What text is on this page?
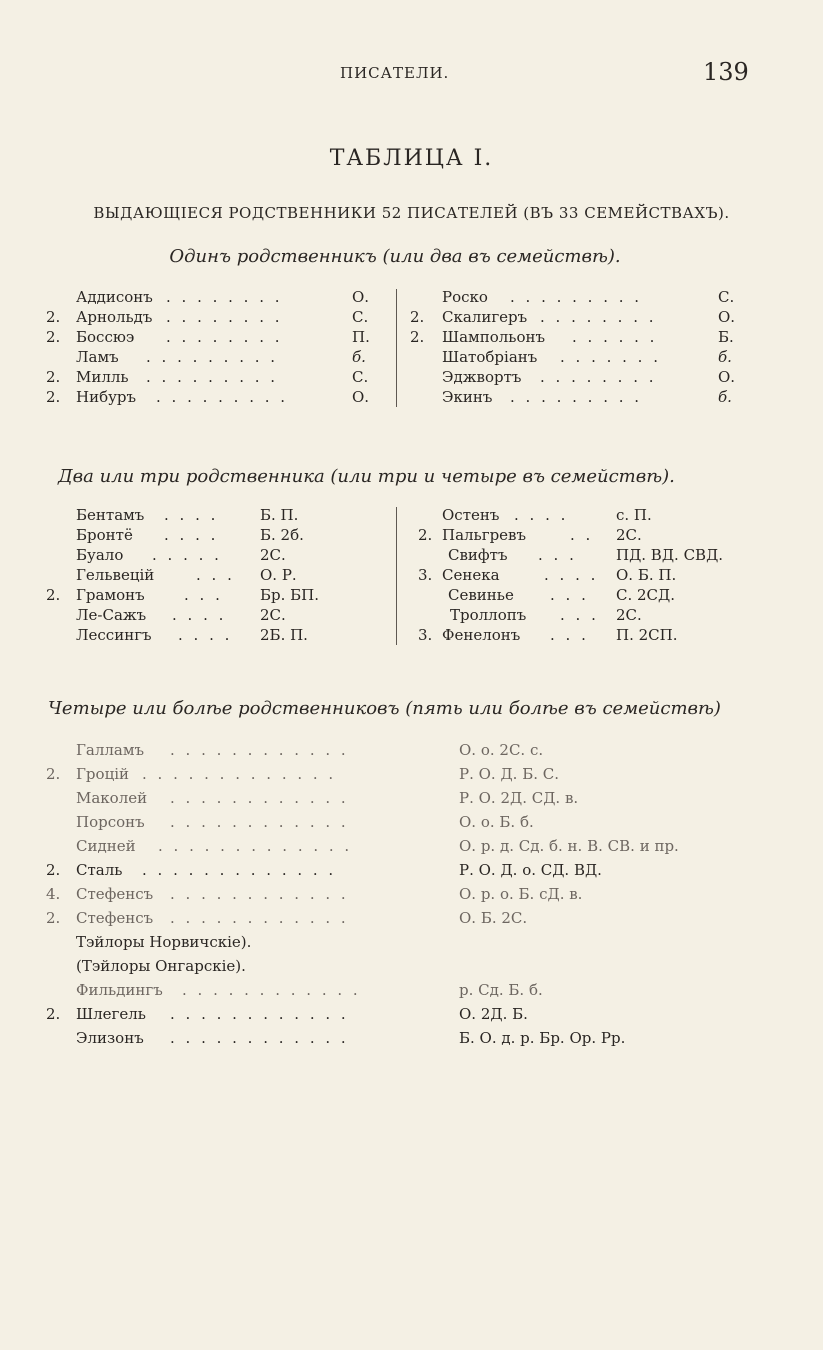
ПИСАТЕЛИ.	139
ТАБЛИЦА I.
ВЫДАЮЩІЕСЯ РОДСТВЕННИКИ 52 ПИСАТЕЛЕЙ (ВЪ 33 СЕМЕЙСТВАХЪ).
Одинъ родственникъ (или два въ семействѣ).
Аддисонъ . . . . . . . .	О.
2. Арнольдъ . . . . . . . .	С.
2. Боссюэ . . . . . . . .	П.
Ламъ . . . . . . . . .	б.
2. Милль . . . . . . . . .	С.
2. Нибуръ . . . . . . . . .	О.
Роско . . . . . . . . .	С.
2. Скалигеръ . . . . . . . .	О.
2. Шампольонъ . . . . . .	Б.
Шатобріанъ . . . . . . .	б.
Эджвортъ . . . . . . . .	О.
Экинъ . . . . . . . . .	б.
Два или три родственника (или три и четыре въ семействѣ).
Бентамъ . . . .	Б. П.
Бронтё . . . .	Б. 2б.
Буало . . . . .	2С.
Гельвецій	. . . О. Р.
2. Грамонъ	. . . Бр. БП.
Ле-Сажъ . . . . 2С.
Лессингъ . . . . 2Б. П.
Остенъ . . . .	с. П.
2. Пальгревъ	. . 2С.
Свифтъ . . .	ПД. ВД. СВД.
3. Сенека	. . . . О. Б. П.
Севинье . . . С. 2СД.
Троллопъ . . . 2С.
3. Фенелонъ . . . П. 2СП.
Четыре или болѣе родственниковъ (пять или болѣе въ семействѣ)
Галламъ . . . . . . . . . . . .	О. о. 2С. с.
2. Гроцій . . . . . . . . . . . . .	Р. О. Д. Б. С.
Маколей . . . . . . . . . . . .	Р. О. 2Д. СД. в.
Порсонъ . . . . . . . . . . . .	О. о. Б. б.
Сидней . . . . . . . . . . . . .	О. р. д. Сд. б. н. В. СВ. и пр.
2. Сталь . . . . . . . . . . . . .	Р. О. Д. о. СД. ВД.
4. Стефенсъ . . . . . . . . . . . .	О. р. о. Б. сД. в.
2. Стефенсъ . . . . . . . . . . . .	О. Б. 2С.
Тэйлоры Норвичскіе).
(Тэйлоры Онгарскіе).
Фильдингъ . . . . . . . . . . . .	р. Сд. Б. б.
2. Шлегель . . . . . . . . . . . .	О. 2Д. Б.
Элизонъ . . . . . . . . . . . .	Б. О. д. р. Бр. Ор. Рр.
